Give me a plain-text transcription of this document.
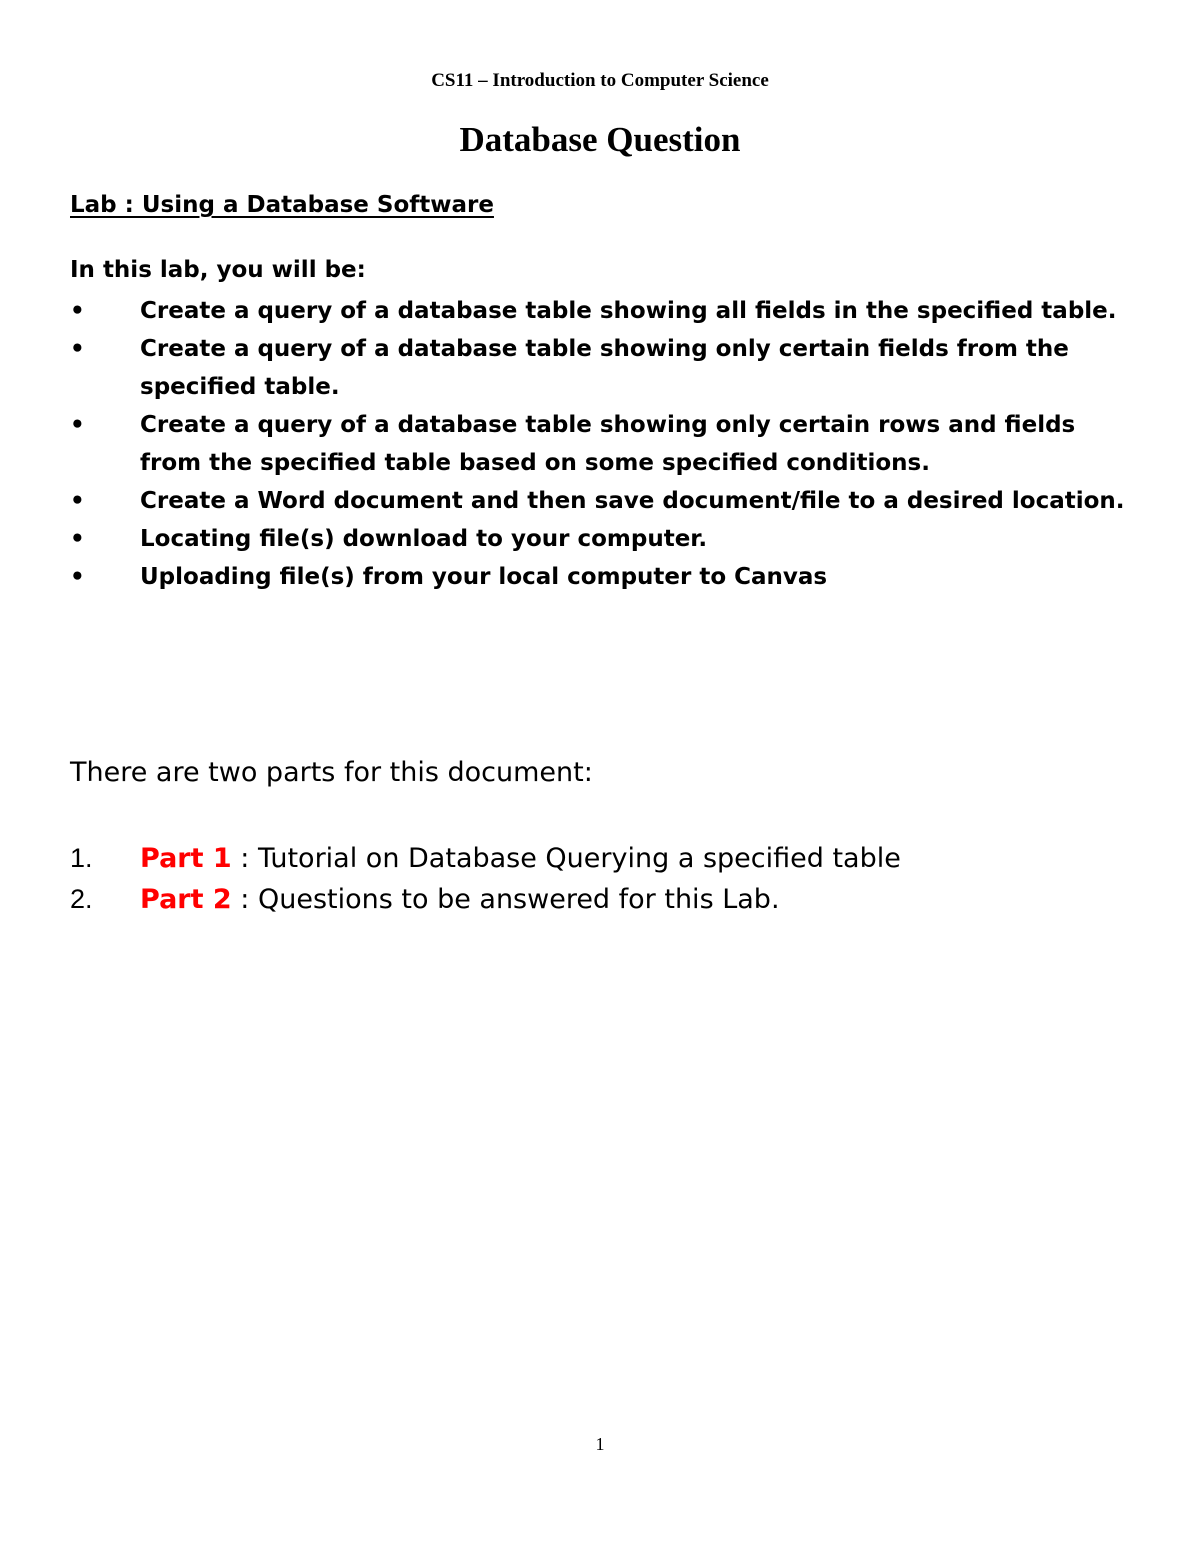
CS11 – Introduction to Computer Science
Database Question
Lab : Using a Database Software
In this lab, you will be:
• Create a query of a database table showing all fields in the specified table.
• Create a query of a database table showing only certain fields from the specified table.
• Create a query of a database table showing only certain rows and fields from the specified table based on some specified conditions.
• Create a Word document and then save document/file to a desired location.
• Locating file(s) download to your computer.
• Uploading file(s) from your local computer to Canvas
There are two parts for this document:
1. Part 1 : Tutorial on Database Querying a specified table
2. Part 2 : Questions to be answered for this Lab.
1
